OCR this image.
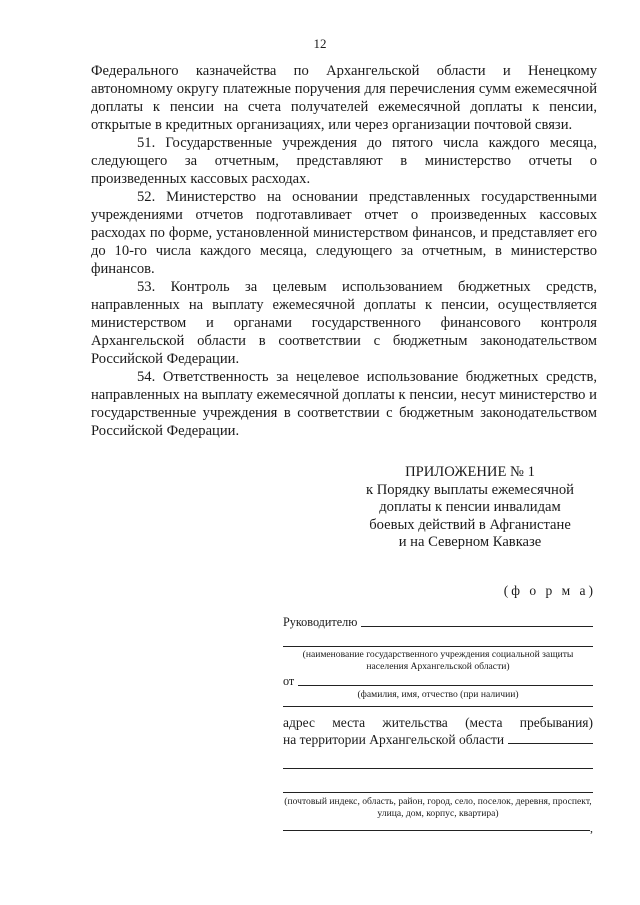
12

Федерального казначейства по Архангельской области и Ненецкому автономному округу платежные поручения для перечисления сумм ежемесячной доплаты к пенсии на счета получателей ежемесячной доплаты к пенсии, открытые в кредитных организациях, или через организации почтовой связи.

51. Государственные учреждения до пятого числа каждого месяца, следующего за отчетным, представляют в министерство отчеты о произведенных кассовых расходах.

52. Министерство на основании представленных государственными учреждениями отчетов подготавливает отчет о произведенных кассовых расходах по форме, установленной министерством финансов, и представляет его до 10-го числа каждого месяца, следующего за отчетным, в министерство финансов.

53. Контроль за целевым использованием бюджетных средств, направленных на выплату ежемесячной доплаты к пенсии, осуществляется министерством и органами государственного финансового контроля Архангельской области в соответствии с бюджетным законодательством Российской Федерации.

54. Ответственность за нецелевое использование бюджетных средств, направленных на выплату ежемесячной доплаты к пенсии, несут министерство и государственные учреждения в соответствии с бюджетным законодательством Российской Федерации.

ПРИЛОЖЕНИЕ № 1
к Порядку выплаты ежемесячной
доплаты к пенсии инвалидам
боевых действий в Афганистане
и на Северном Кавказе
(ф о р м а)
Руководителю
(наименование государственного учреждения социальной защиты населения Архангельской области)
от
(фамилия, имя, отчество (при наличии)
адрес места жительства (места пребывания)
на территории Архангельской области
(почтовый индекс, область, район, город, село, поселок, деревня, проспект, улица, дом, корпус, квартира)
,
